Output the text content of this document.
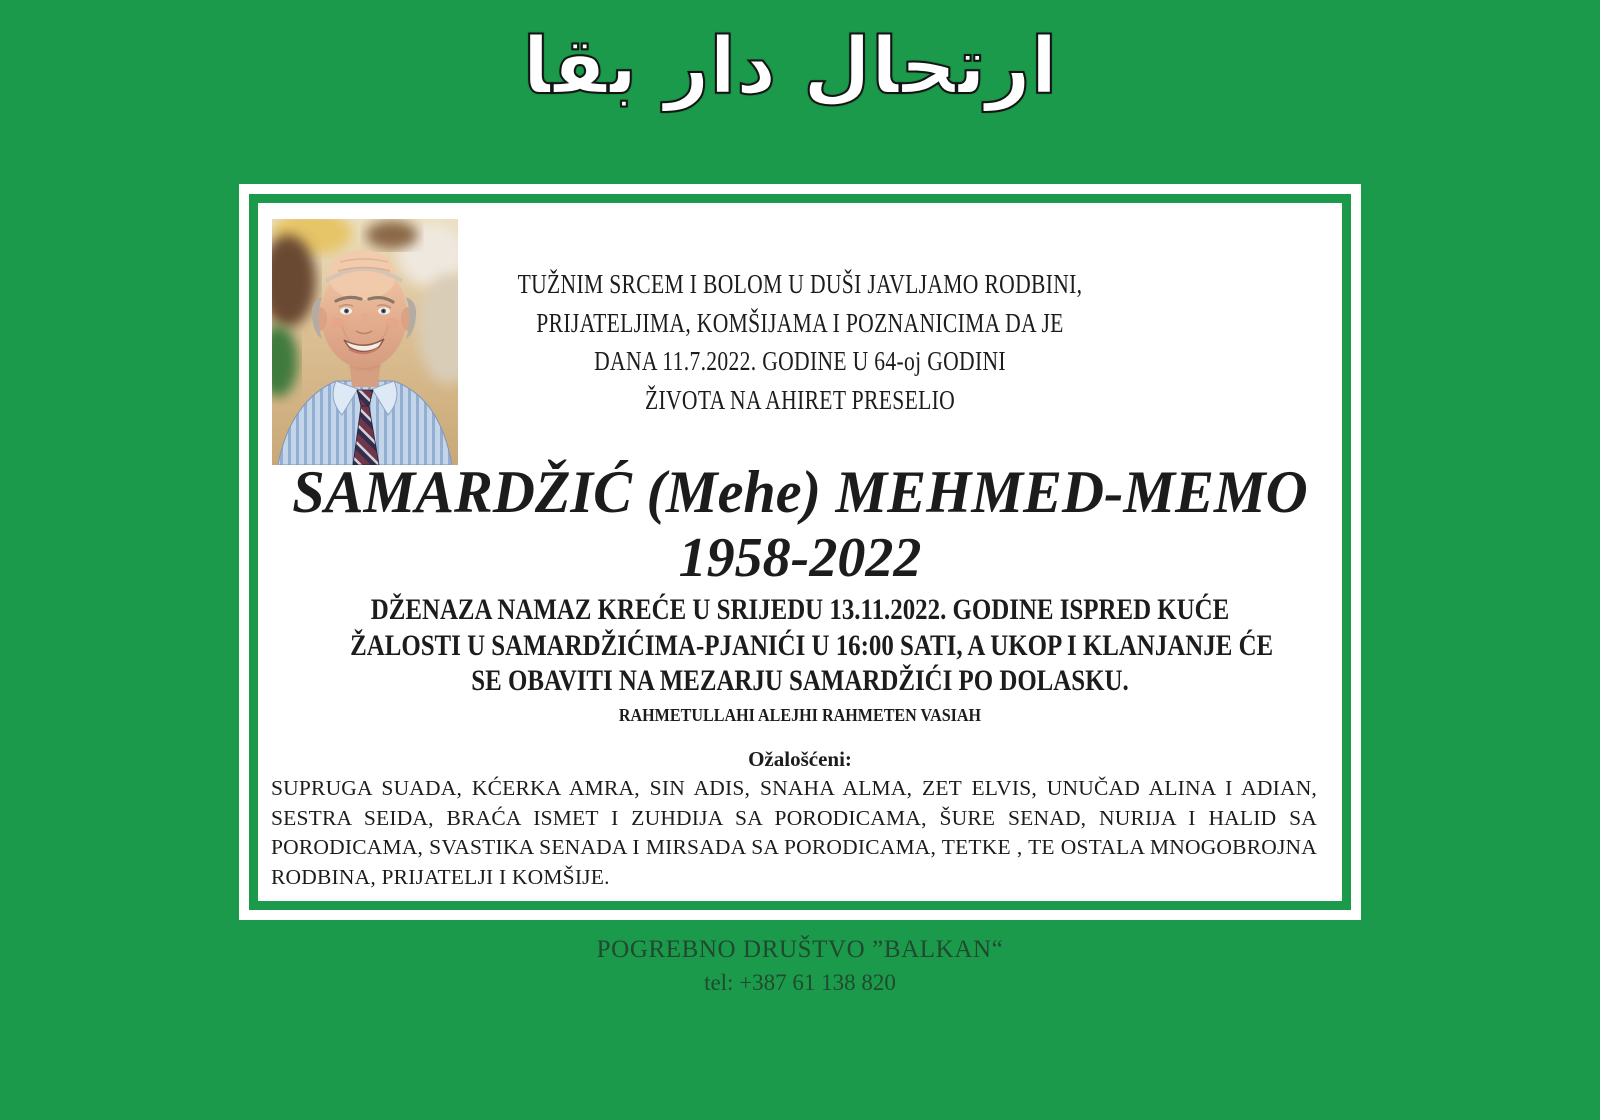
ارتحال دار بقا
TUŽNIM SRCEM I BOLOM U DUŠI JAVLJAMO RODBINI,
PRIJATELJIMA, KOMŠIJAMA I POZNANICIMA DA JE
DANA 11.7.2022. GODINE U 64-oj GODINI
ŽIVOTA NA AHIRET PRESELIO
SAMARDŽIĆ (Mehe) MEHMED-MEMO
1958-2022
DŽENAZA NAMAZ KREĆE U SRIJEDU 13.11.2022. GODINE ISPRED KUĆE
ŽALOSTI U SAMARDŽIĆIMA-PJANIĆI U 16:00 SATI, A UKOP I KLANJANJE ĆE
SE OBAVITI NA MEZARJU SAMARDŽIĆI PO DOLASKU.
RAHMETULLAHI ALEJHI RAHMETEN VASIAH
Ožalošćeni:
SUPRUGA SUADA, KĆERKA AMRA, SIN ADIS, SNAHA ALMA, ZET ELVIS, UNUČAD ALINA I ADIAN, SESTRA SEIDA, BRAĆA ISMET I ZUHDIJA SA PORODICAMA, ŠURE SENAD, NURIJA I HALID SA PORODICAMA, SVASTIKA SENADA I MIRSADA SA PORODICAMA, TETKE , TE OSTALA MNOGOBROJNA RODBINA, PRIJATELJI I KOMŠIJE.
POGREBNO DRUŠTVO ”BALKAN“
tel: +387 61 138 820
